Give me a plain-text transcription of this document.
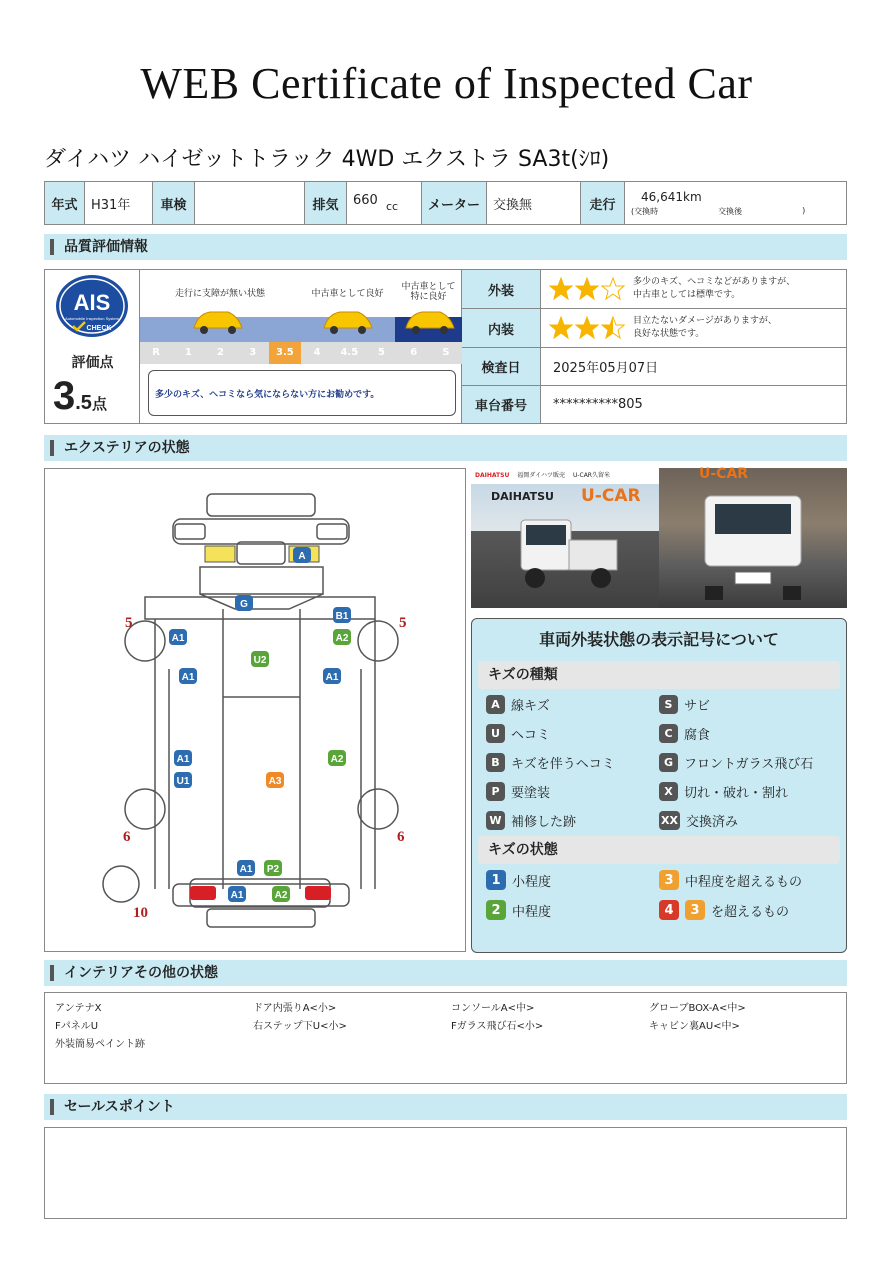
WEB Certificate of Inspected Car
ダイハツ ハイゼットトラック 4WD エクストラ SA3t(ｼﾛ)
年式	H31年	車検		排気	660 $_{cc}$	メーター	交換無	走行	
46,641km
(交換時	交換後	)
品質評価情報
AIS
Automobile Inspection System
CHECK
評価点
3.5点
走行に支障が無い状態	中古車として良好
中古車として
特に良好
R	1	2	3	3.5	4	4.5	5	6	S
多少のキズ、ヘコミなら気にならない方にお勧めです。
外装
多少のキズ、ヘコミなどがありますが、
中古車としては標準です。
内装
目立たないダメージがありますが、
良好な状態です。
検査日	2025年05月07日
車台番号	**********805
エクステリアの状態
5	5
6	6
10
A
G
B1
A2
A1
U2
A1	A1
A1
U1	A3
A2
A1 P2
A1	A2
DAIHATSU 福岡ダイハツ販売 U-CAR久留米
DAIHATSU U-CAR
U-CAR
車両外装状態の表示記号について
キズの種類
A 線キズ	S サビ
U ヘコミ	C 腐食
B キズを伴うヘコミ	G フロントガラス飛び石
P 要塗装	X 切れ・破れ・割れ
W 補修した跡	XX 交換済み
キズの状態
1 小程度	3 中程度を超えるもの
2 中程度	4	3 を超えるもの
インテリアその他の状態
アンテナX	ドア内張りA<小>	コンソールA<中>	グローブBOX-A<中>
FパネルU	右ステップ下U<小>	Fガラス飛び石<小>	キャビン裏AU<中>
外装簡易ペイント跡
セールスポイント
